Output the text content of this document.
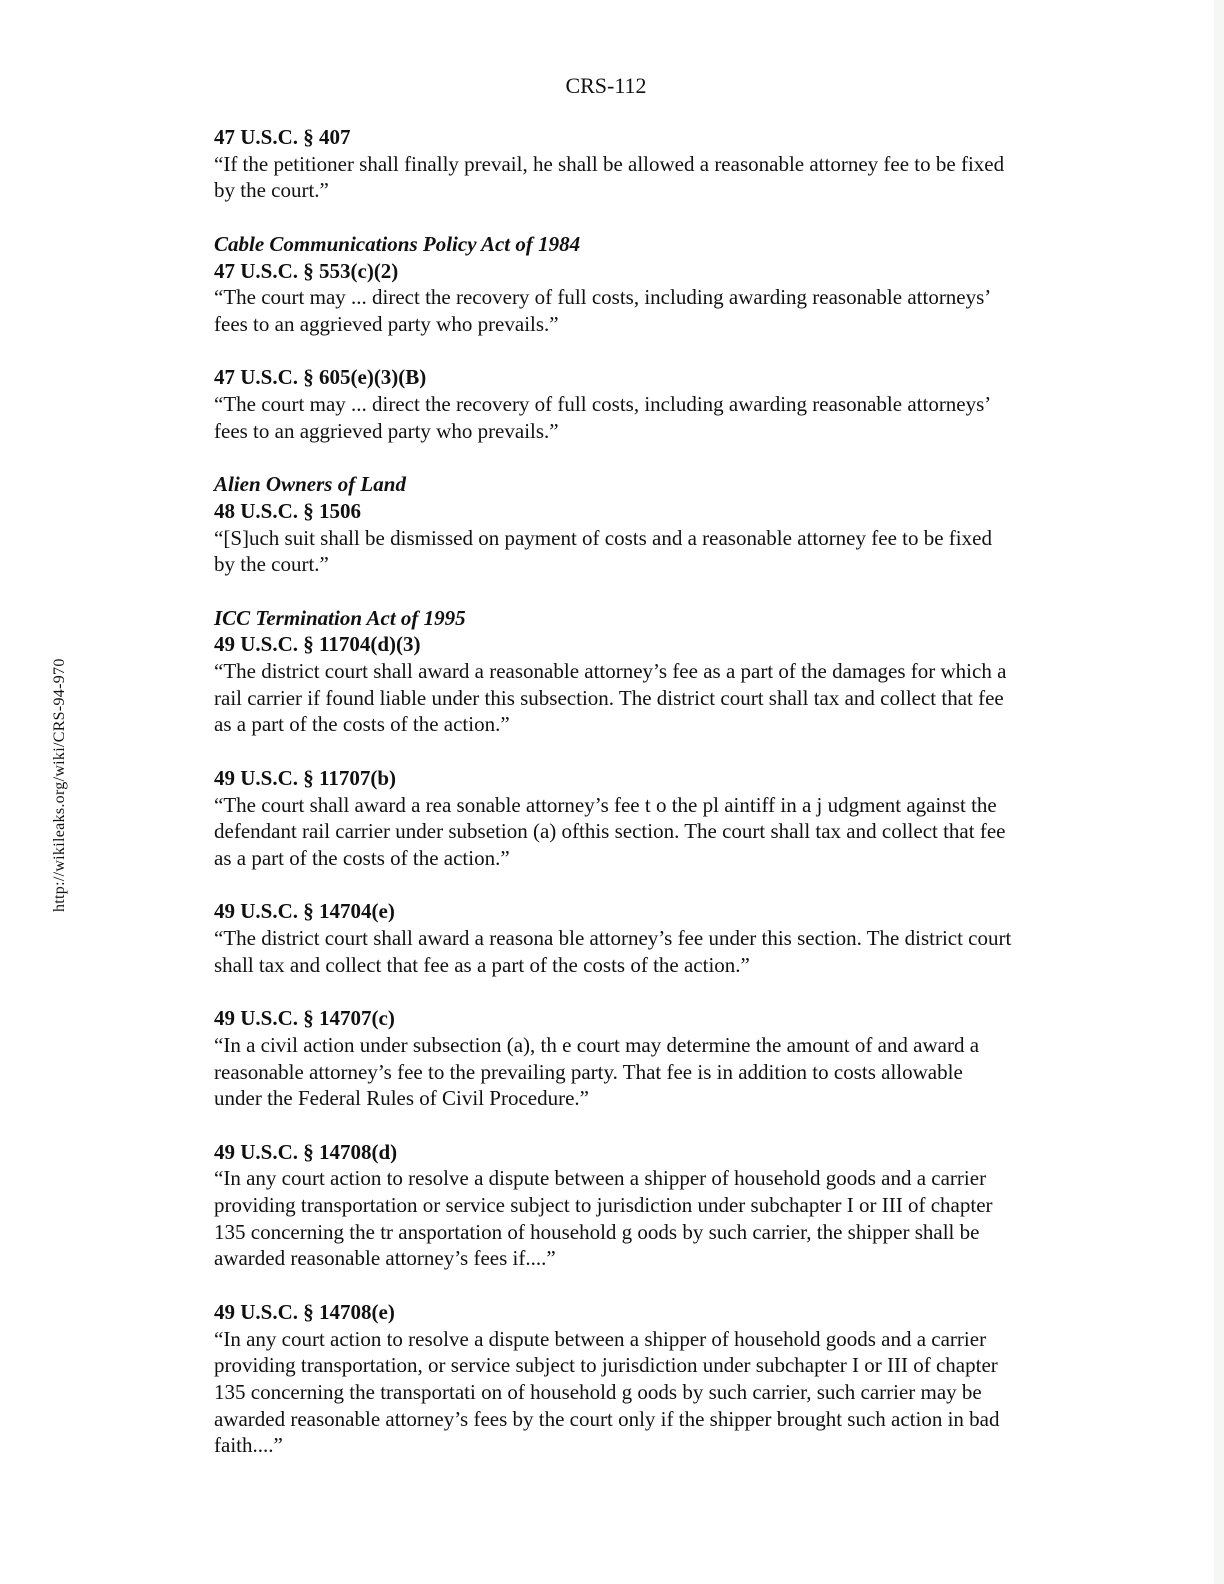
CRS-112
http://wikileaks.org/wiki/CRS-94-970
47 U.S.C. § 407
“If the petitioner shall finally prevail, he shall be allowed a reasonable attorney fee to be fixed by the court.”
Cable Communications Policy Act of 1984
47 U.S.C. § 553(c)(2)
“The court may ... direct the recovery of full costs, including awarding reasonable attorneys’ fees to an aggrieved party who prevails.”
47 U.S.C. § 605(e)(3)(B)
“The court may ... direct the recovery of full costs, including awarding reasonable attorneys’ fees to an aggrieved party who prevails.”
Alien Owners of Land
48 U.S.C. § 1506
“[S]uch suit shall be dismissed on payment of costs and a reasonable attorney fee to be fixed by the court.”
ICC Termination Act of 1995
49 U.S.C. § 11704(d)(3)
“The district court shall award a reasonable attorney’s fee as a part of the damages for which a rail carrier if found liable under this subsection. The district court shall tax and collect that fee as a part of the costs of the action.”
49 U.S.C. § 11707(b)
“The court shall award a rea sonable attorney’s fee t o the pl aintiff in a j udgment against the defendant rail carrier under subsetion (a) ofthis section. The court shall tax and collect that fee as a part of the costs of the action.”
49 U.S.C. § 14704(e)
“The district court shall award a reasona ble attorney’s fee under this section. The district court shall tax and collect that fee as a part of the costs of the action.”
49 U.S.C. § 14707(c)
“In a civil action under subsection (a), th e court may determine the amount of and award a reasonable attorney’s fee to the prevailing party. That fee is in addition to costs allowable under the Federal Rules of Civil Procedure.”
49 U.S.C. § 14708(d)
“In any court action to resolve a dispute between a shipper of household goods and a carrier providing transportation or service subject to jurisdiction under subchapter I or III of chapter 135 concerning the tr ansportation of household g oods by such carrier, the shipper shall be awarded reasonable attorney’s fees if....”
49 U.S.C. § 14708(e)
“In any court action to resolve a dispute between a shipper of household goods and a carrier providing transportation, or service subject to jurisdiction under subchapter I or III of chapter 135 concerning the transportati on of household g oods by such carrier, such carrier may be awarded reasonable attorney’s fees by the court only if the shipper brought such action in bad faith....”
